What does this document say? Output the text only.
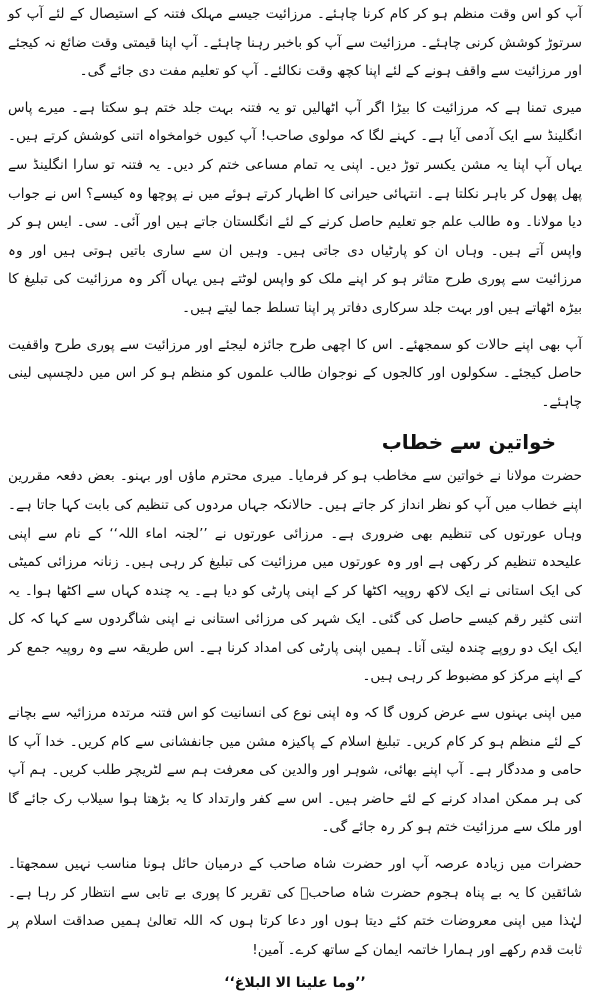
آپ کو اس وقت منظم ہو کر کام کرنا چاہئے۔ مرزائیت جیسے مہلک فتنہ کے استیصال کے لئے آپ کو سرتوڑ کوشش کرنی چاہئے۔ مرزائیت سے آپ کو باخبر رہنا چاہئے۔ آپ اپنا قیمتی وقت ضائع نہ کیجئے اور مرزائیت سے واقف ہونے کے لئے اپنا کچھ وقت نکالئے۔ آپ کو تعلیم مفت دی جائے گی۔

میری تمنا ہے کہ مرزائیت کا بیڑا اگر آپ اٹھالیں تو یہ فتنہ بہت جلد ختم ہو سکتا ہے۔ میرے پاس انگلینڈ سے ایک آدمی آیا ہے۔ کہنے لگا کہ مولوی صاحب! آپ کیوں خوامخواہ اتنی کوشش کرتے ہیں۔ یہاں آپ اپنا یہ مشن یکسر توڑ دیں۔ اپنی یہ تمام مساعی ختم کر دیں۔ یہ فتنہ تو سارا انگلینڈ سے پھل پھول کر باہر نکلتا ہے۔ انتہائی حیرانی کا اظہار کرتے ہوئے میں نے پوچھا وہ کیسے؟ اس نے جواب دیا مولانا۔ وہ طالب علم جو تعلیم حاصل کرنے کے لئے انگلستان جاتے ہیں اور آئی۔ سی۔ ایس ہو کر واپس آتے ہیں۔ وہاں ان کو پارٹیاں دی جاتی ہیں۔ وہیں ان سے ساری باتیں ہوتی ہیں اور وہ مرزائیت سے پوری طرح متاثر ہو کر اپنے ملک کو واپس لوٹتے ہیں یہاں آکر وہ مرزائیت کی تبلیغ کا بیڑہ اٹھاتے ہیں اور بہت جلد سرکاری دفاتر پر اپنا تسلط جما لیتے ہیں۔

آپ بھی اپنے حالات کو سمجھئے۔ اس کا اچھی طرح جائزہ لیجئے اور مرزائیت سے پوری طرح واقفیت حاصل کیجئے۔ سکولوں اور کالجوں کے نوجوان طالب علموں کو منظم ہو کر اس میں دلچسپی لینی چاہئے۔

خواتین سے خطاب

حضرت مولانا نے خواتین سے مخاطب ہو کر فرمایا۔ میری محترم ماؤں اور بہنو۔ بعض دفعہ مقررین اپنے خطاب میں آپ کو نظر انداز کر جاتے ہیں۔ حالانکہ جہاں مردوں کی تنظیم کی بابت کہا جاتا ہے۔ وہاں عورتوں کی تنظیم بھی ضروری ہے۔ مرزائی عورتوں نے ’’لجنہ اماء اللہ‘‘ کے نام سے اپنی علیحدہ تنظیم کر رکھی ہے اور وہ عورتوں میں مرزائیت کی تبلیغ کر رہی ہیں۔ زنانہ مرزائی کمیٹی کی ایک استانی نے ایک لاکھ روپیہ اکٹھا کر کے اپنی پارٹی کو دیا ہے۔ یہ چندہ کہاں سے اکٹھا ہوا۔ یہ اتنی کثیر رقم کیسے حاصل کی گئی۔ ایک شہر کی مرزائی استانی نے اپنی شاگردوں سے کہا کہ کل ایک ایک دو روپے چندہ لیتی آنا۔ ہمیں اپنی پارٹی کی امداد کرنا ہے۔ اس طریقہ سے وہ روپیہ جمع کر کے اپنے مرکز کو مضبوط کر رہی ہیں۔

میں اپنی بہنوں سے عرض کروں گا کہ وہ اپنی نوع کی انسانیت کو اس فتنہ مرتدہ مرزائیہ سے بچانے کے لئے منظم ہو کر کام کریں۔ تبلیغ اسلام کے پاکیزہ مشن میں جانفشانی سے کام کریں۔ خدا آپ کا حامی و مددگار ہے۔ آپ اپنے بھائی، شوہر اور والدین کی معرفت ہم سے لٹریچر طلب کریں۔ ہم آپ کی ہر ممکن امداد کرنے کے لئے حاضر ہیں۔ اس سے کفر وارتداد کا یہ بڑھتا ہوا سیلاب رک جائے گا اور ملک سے مرزائیت ختم ہو کر رہ جائے گی۔

حضرات میں زیادہ عرصہ آپ اور حضرت شاہ صاحب کے درمیان حائل ہونا مناسب نہیں سمجھتا۔ شائقین کا یہ بے پناہ ہجوم حضرت شاہ صاحبؒ کی تقریر کا پوری بے تابی سے انتظار کر رہا ہے۔ لہٰذا میں اپنی معروضات ختم کئے دیتا ہوں اور دعا کرتا ہوں کہ اللہ تعالیٰ ہمیں صداقت اسلام پر ثابت قدم رکھے اور ہمارا خاتمہ ایمان کے ساتھ کرے۔ آمین!

’’وما علینا الا البلاغ‘‘
